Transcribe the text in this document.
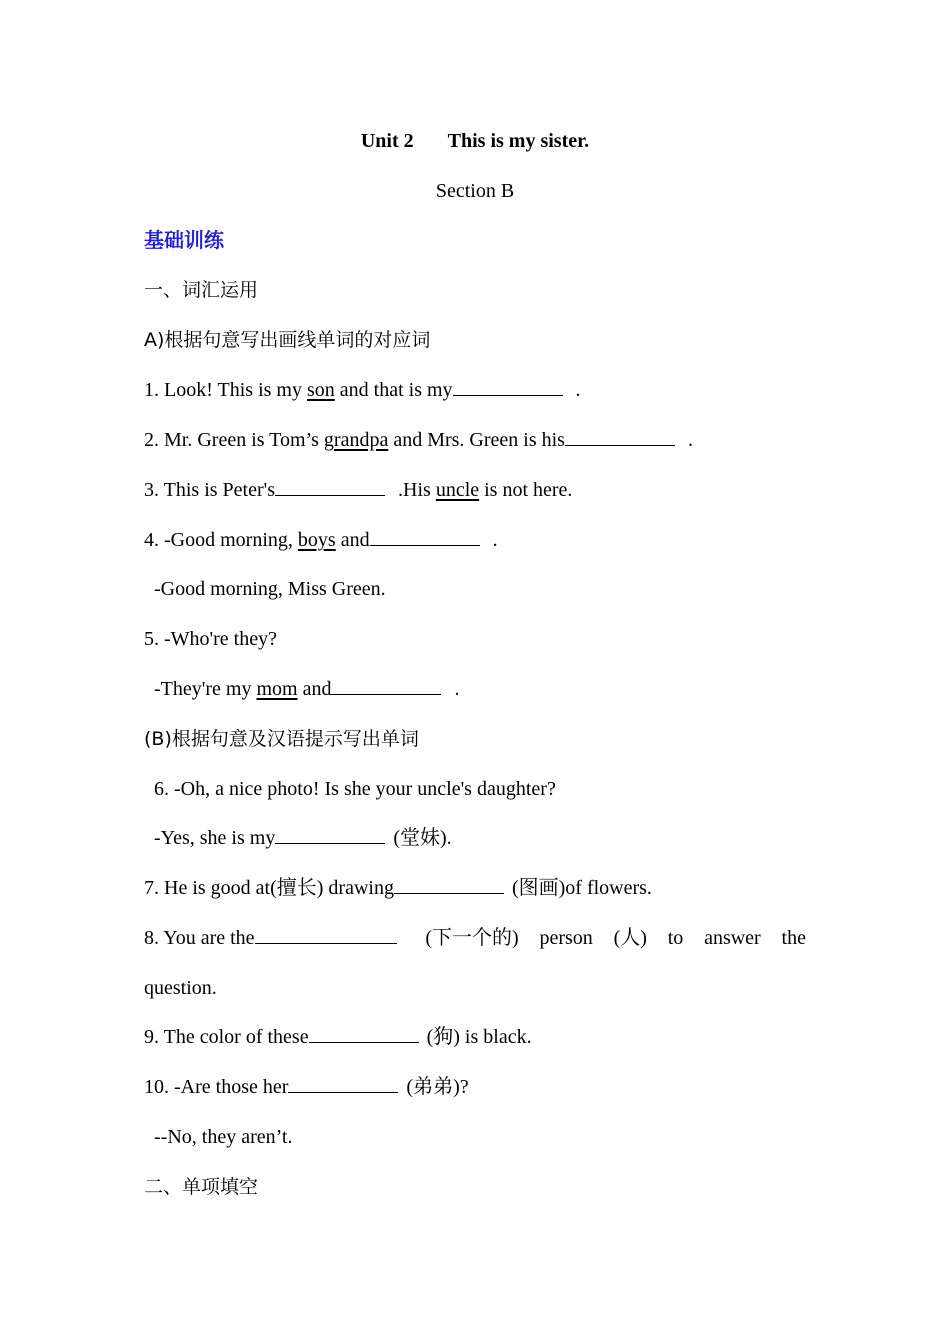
Unit 2 This is my sister.
Section B
基础训练
一、词汇运用
A)根据句意写出画线单词的对应词
1. Look! This is my son and that is my	.
2. Mr. Green is Tom’s grandpa and Mrs. Green is his	.
3. This is Peter's	.His uncle is not here.
4. -Good morning, boys and	.
-Good morning, Miss Green.
5. -Who're they?
-They're my mom and	.
(B)根据句意及汉语提示写出单词
6. -Oh, a nice photo! Is she your uncle's daughter?
-Yes, she is my	(堂妹).
7. He is good at(擅长) drawing	(图画)of flowers.
8. You are the	(下一个的) person (人) to answer the
question.
9. The color of these	(狗) is black.
10. -Are those her	(弟弟)?
--No, they aren’t.
二、单项填空
